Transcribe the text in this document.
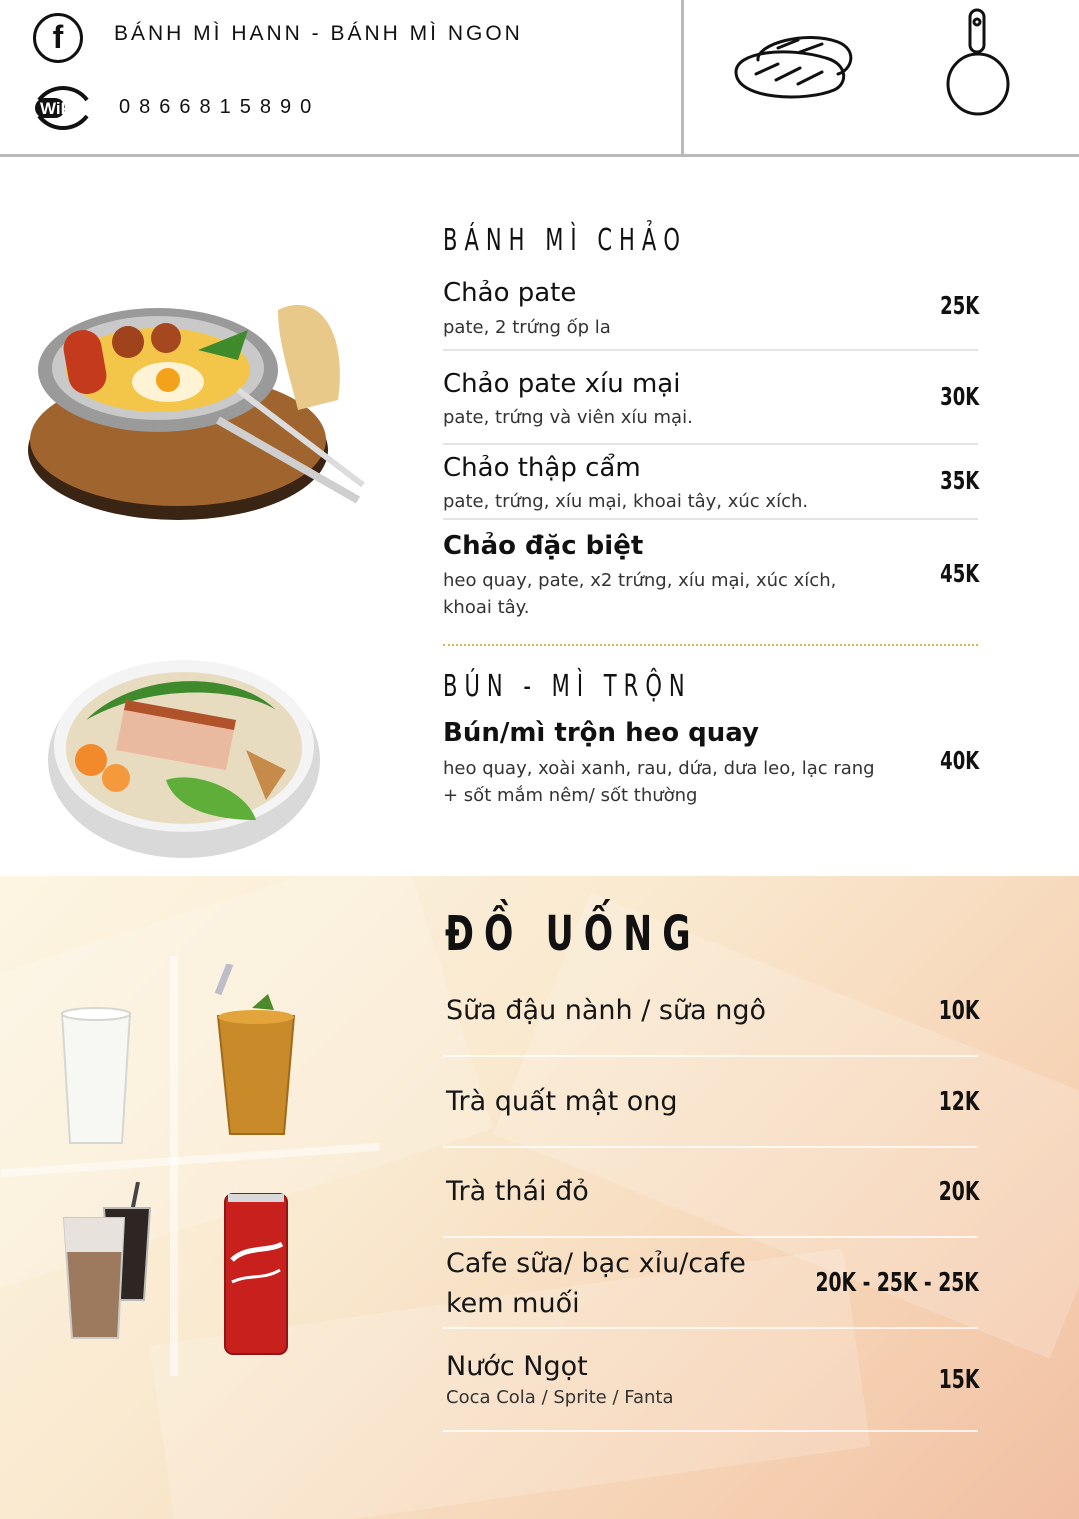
f	BÁNH MÌ HANN - BÁNH MÌ NGON
WiFi 0866815890
BÁNH MÌ CHẢO
Chảo pate
pate, 2 trứng ốp la
25K
Chảo pate xíu mại
pate, trứng và viên xíu mại.
30K
Chảo thập cẩm
pate, trứng, xíu mại, khoai tây, xúc xích.
35K
Chảo đặc biệt
heo quay, pate, x2 trứng, xíu mại, xúc xích,
khoai tây.
45K
BÚN - MÌ TRỘN
Bún/mì trộn heo quay
heo quay, xoài xanh, rau, dứa, dưa leo, lạc rang
+ sốt mắm nêm/ sốt thường
40K
ĐỒ UỐNG
Sữa đậu nành / sữa ngô	10K
Trà quất mật ong	12K
Trà thái đỏ	20K
Cafe sữa/ bạc xỉu/cafe
kem muối
20K - 25K - 25K
Nước Ngọt
Coca Cola / Sprite / Fanta
15K
